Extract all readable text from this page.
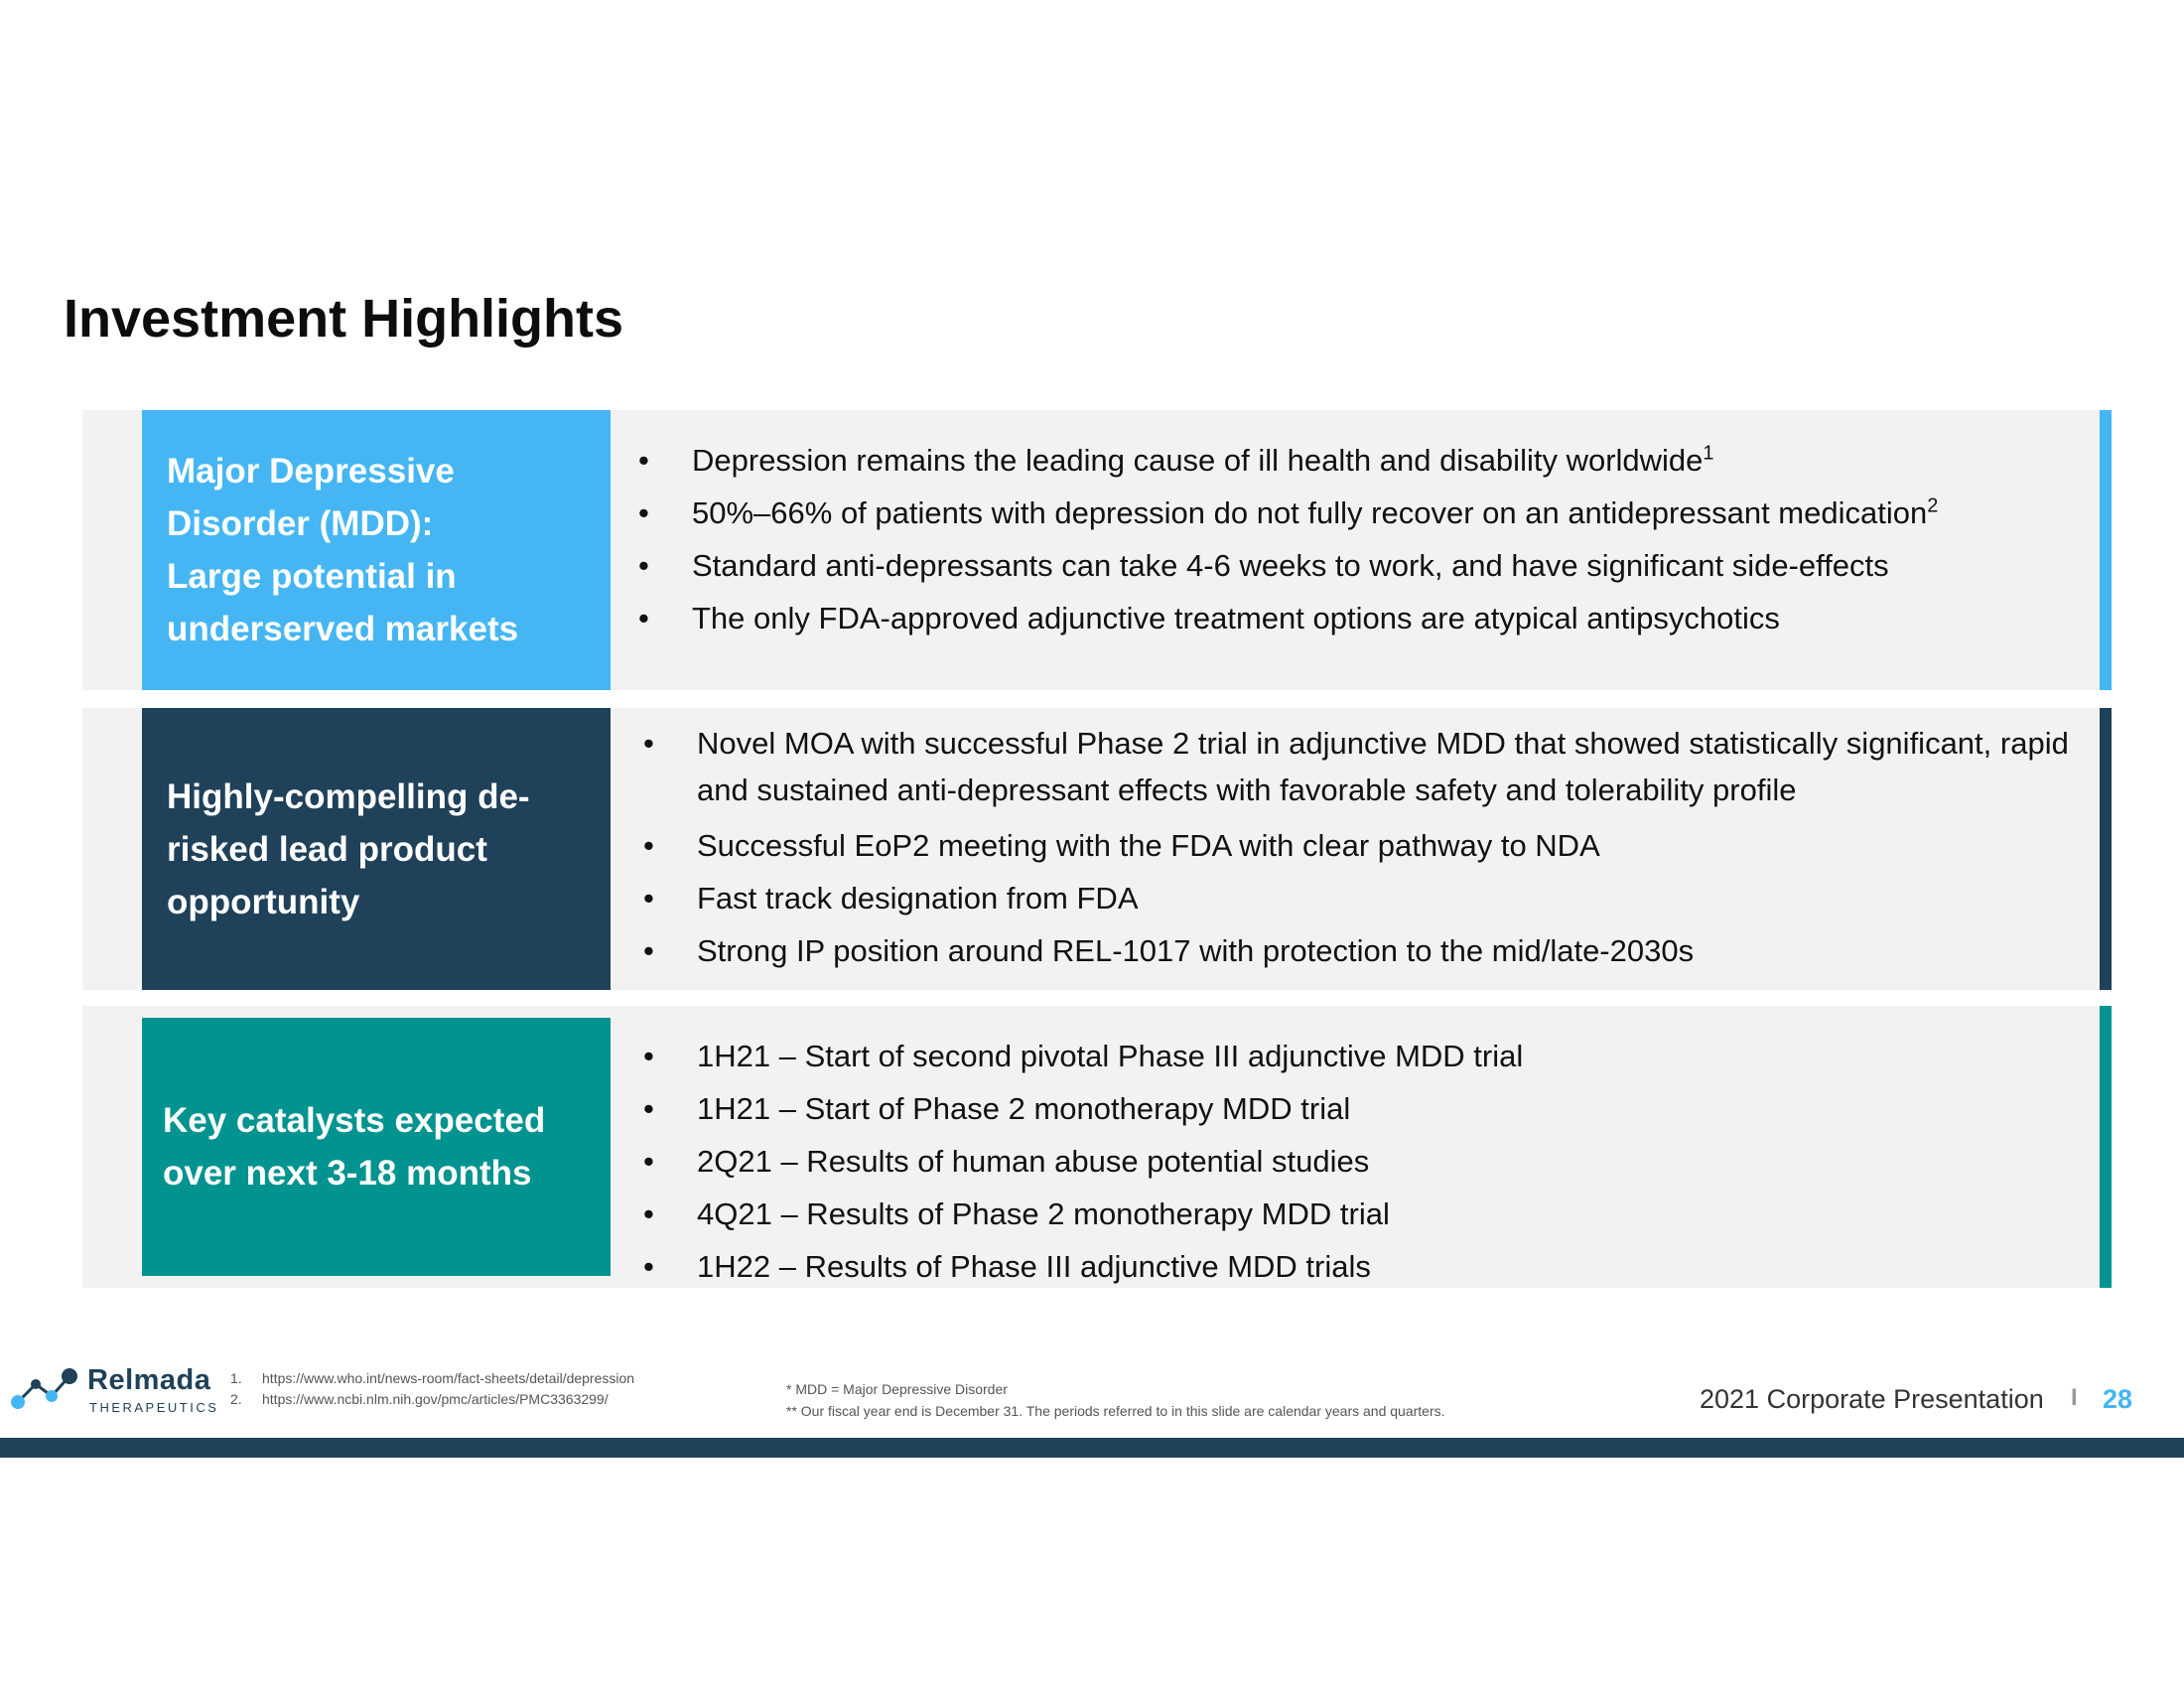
Investment Highlights
Major Depressive
Disorder (MDD):
Large potential in
underserved markets
• Depression remains the leading cause of ill health and disability worldwide$^1$
• 50%–66% of patients with depression do not fully recover on an antidepressant medication$^2$
• Standard anti-depressants can take 4-6 weeks to work, and have significant side-effects
• The only FDA-approved adjunctive treatment options are atypical antipsychotics
Highly-compelling de-
risked lead product
opportunity
• Novel MOA with successful Phase 2 trial in adjunctive MDD that showed statistically significant, rapid and sustained anti-depressant effects with favorable safety and tolerability profile
• Successful EoP2 meeting with the FDA with clear pathway to NDA
• Fast track designation from FDA
• Strong IP position around REL-1017 with protection to the mid/late-2030s
Key catalysts expected
over next 3-18 months
• 1H21 – Start of second pivotal Phase III adjunctive MDD trial
• 1H21 – Start of Phase 2 monotherapy MDD trial
• 2Q21 – Results of human abuse potential studies
• 4Q21 – Results of Phase 2 monotherapy MDD trial
• 1H22 – Results of Phase III adjunctive MDD trials
Relmada
THERAPEUTICS
1. https://www.who.int/news-room/fact-sheets/detail/depression
2. https://www.ncbi.nlm.nih.gov/pmc/articles/PMC3363299/
* MDD = Major Depressive Disorder
** Our fiscal year end is December 31. The periods referred to in this slide are calendar years and quarters.	2021 Corporate Presentation I 28
